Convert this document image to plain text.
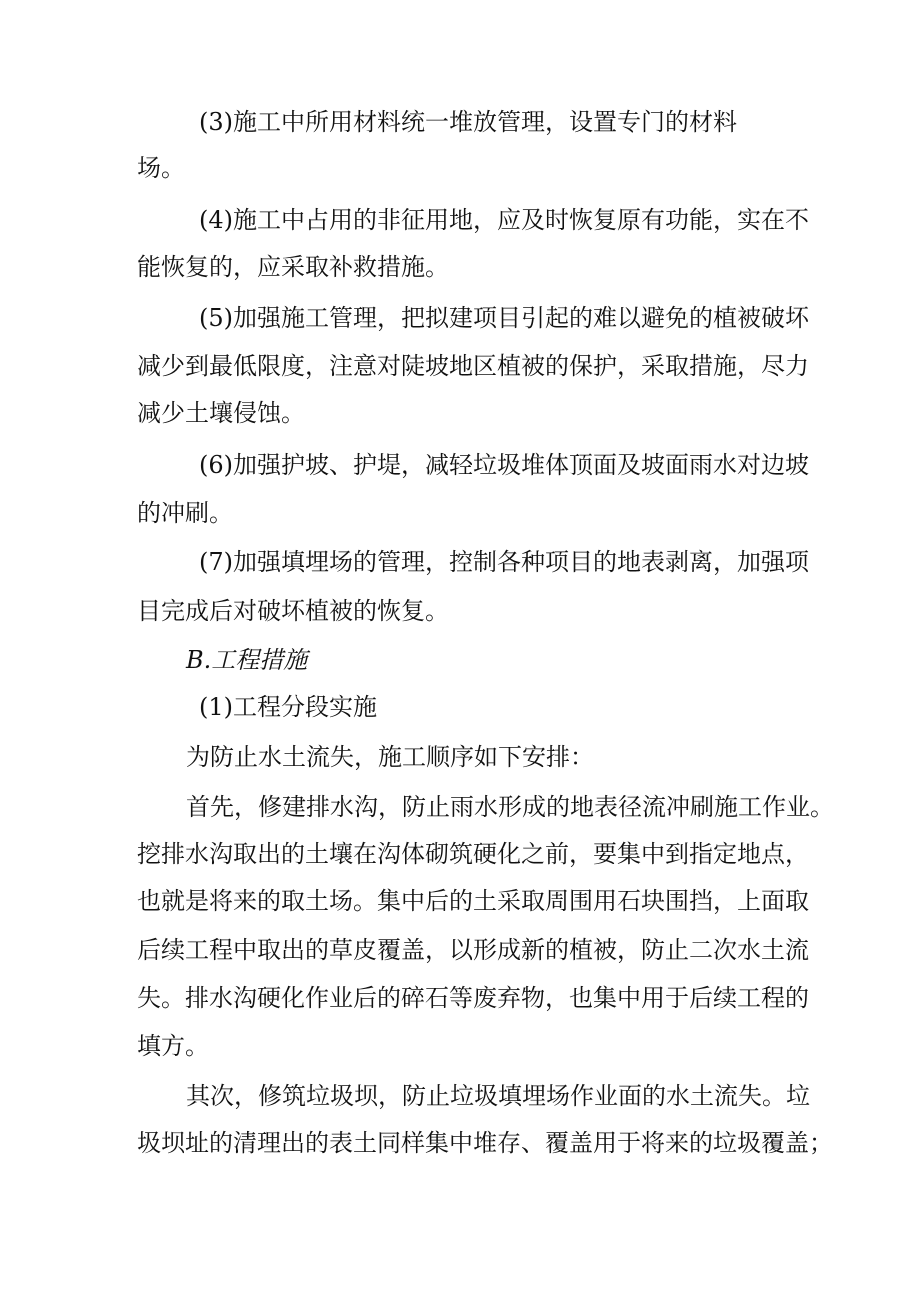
(3)施工中所用材料统一堆放管理，设置专门的材料
场。
(4)施工中占用的非征用地，应及时恢复原有功能，实在不
能恢复的，应采取补救措施。
(5)加强施工管理，把拟建项目引起的难以避免的植被破坏
减少到最低限度，注意对陡坡地区植被的保护，采取措施，尽力
减少土壤侵蚀。
(6)加强护坡、护堤，减轻垃圾堆体顶面及坡面雨水对边坡
的冲刷。
(7)加强填埋场的管理，控制各种项目的地表剥离，加强项
目完成后对破坏植被的恢复。
B.工程措施
(1)工程分段实施
为防止水土流失，施工顺序如下安排：
首先，修建排水沟，防止雨水形成的地表径流冲刷施工作业。
挖排水沟取出的土壤在沟体砌筑硬化之前，要集中到指定地点，
也就是将来的取土场。集中后的土采取周围用石块围挡，上面取
后续工程中取出的草皮覆盖，以形成新的植被，防止二次水土流
失。排水沟硬化作业后的碎石等废弃物，也集中用于后续工程的
填方。
其次，修筑垃圾坝，防止垃圾填埋场作业面的水土流失。垃
圾坝址的清理出的表土同样集中堆存、覆盖用于将来的垃圾覆盖；
